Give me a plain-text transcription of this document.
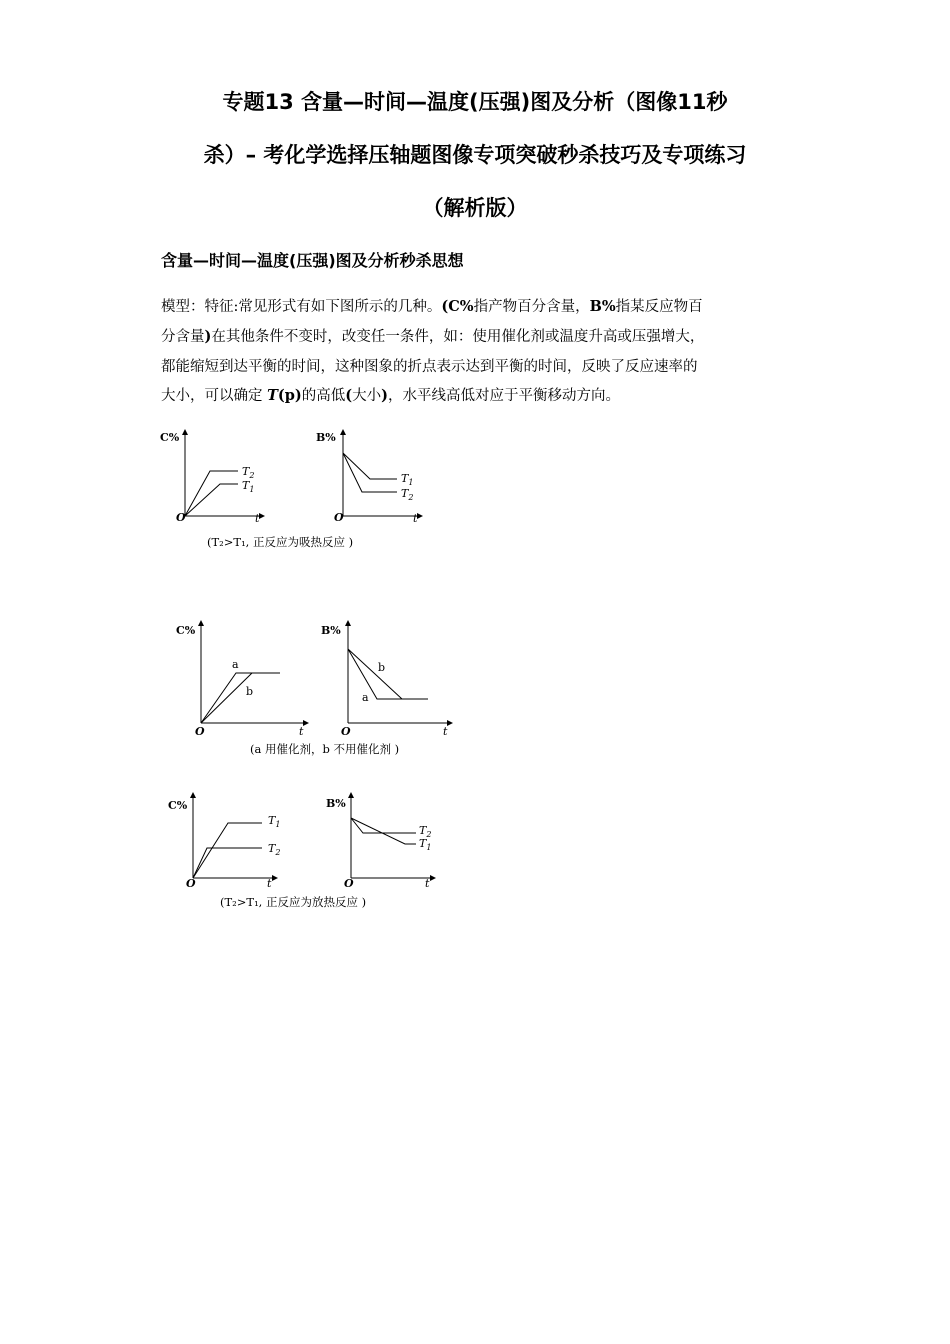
专题13 含量—时间—温度(压强)图及分析（图像11秒
杀）– 考化学选择压轴题图像专项突破秒杀技巧及专项练习
（解析版）
含量—时间—温度(压强)图及分析秒杀思想
模型：特征:常见形式有如下图所示的几种。(C%指产物百分含量，B%指某反应物百
分含量)在其他条件不变时，改变任一条件，如：使用催化剂或温度升高或压强增大，
都能缩短到达平衡的时间，这种图象的折点表示达到平衡的时间，反映了反应速率的
大小，可以确定 T(p)的高低(大小)，水平线高低对应于平衡移动方向。
C%
O	t
$T_2$
$T_1$
B%
O	t
$T_1$
$T_2$
(T₂>T₁, 正反应为吸热反应 )
C%
O	t
a
b
B%
O	t
a
b
(a 用催化剂，b 不用催化剂 )
C%
O	t
$T_1$
$T_2$
B%
O	t
$T_2$
$T_1$
(T₂>T₁, 正反应为放热反应 )
